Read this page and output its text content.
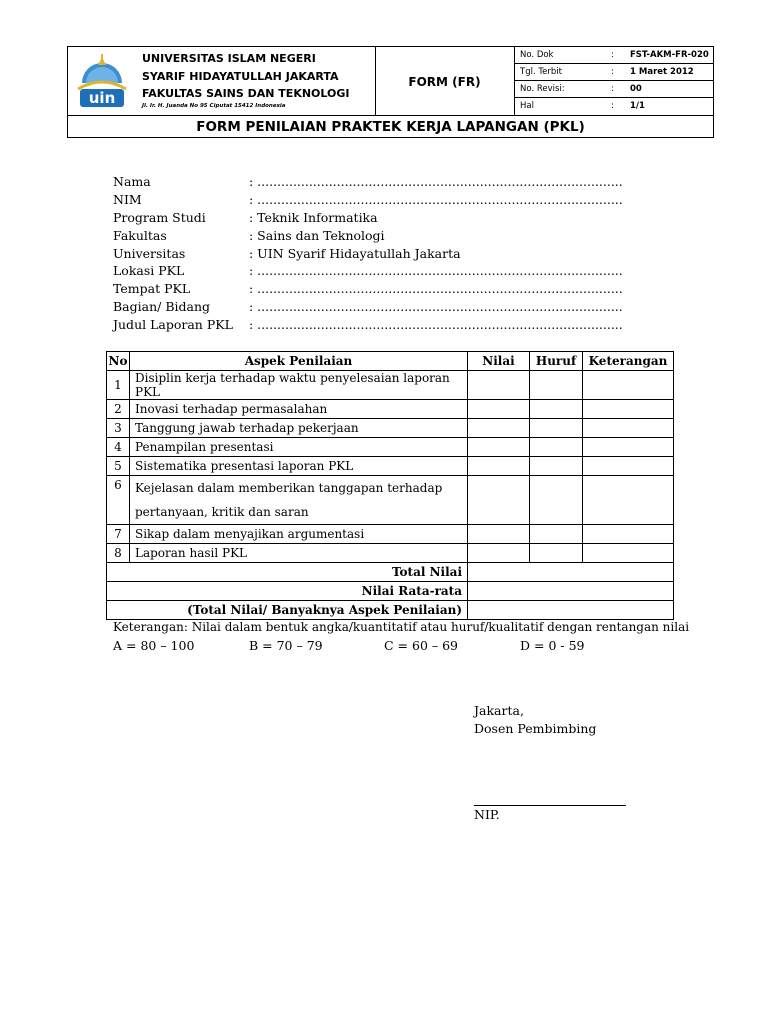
uin
UNIVERSITAS ISLAM NEGERI
SYARIF HIDAYATULLAH JAKARTA
FAKULTAS SAINS DAN TEKNOLOGI
Jl. Ir. H. Juanda No 95 Ciputat 15412 Indonesia
FORM (FR)
No. Dok	: FST-AKM-FR-020
Tgl. Terbit	: 1 Maret 2012
No. Revisi:	: 00
Hal	: 1/1
FORM PENILAIAN PRAKTEK KERJA LAPANGAN (PKL)
Nama	: ............................................................................................
NIM	: ............................................................................................
Program Studi	: Teknik Informatika
Fakultas	: Sains dan Teknologi
Universitas	: UIN Syarif Hidayatullah Jakarta
Lokasi PKL	: ............................................................................................
Tempat PKL	: ............................................................................................
Bagian/ Bidang	: ............................................................................................
Judul Laporan PKL : ............................................................................................
No	Aspek Penilaian	Nilai	Huruf	Keterangan
1	Disiplin kerja terhadap waktu penyelesaian laporan PKL			
2	Inovasi terhadap permasalahan			
3	Tanggung jawab terhadap pekerjaan			
4	Penampilan presentasi			
5	Sistematika presentasi laporan PKL			
6	Kejelasan dalam memberikan tanggapan terhadap
pertanyaan, kritik dan saran			

7	Sikap dalam menyajikan argumentasi			
8	Laporan hasil PKL			
Total Nilai				
Nilai Rata-rata				
(Total Nilai/ Banyaknya Aspek Penilaian)				
Keterangan: Nilai dalam bentuk angka/kuantitatif atau huruf/kualitatif dengan rentangan nilai
A = 80 – 100	B = 70 – 79	C = 60 – 69	D = 0 - 59
Jakarta,
Dosen Pembimbing
NIP.
